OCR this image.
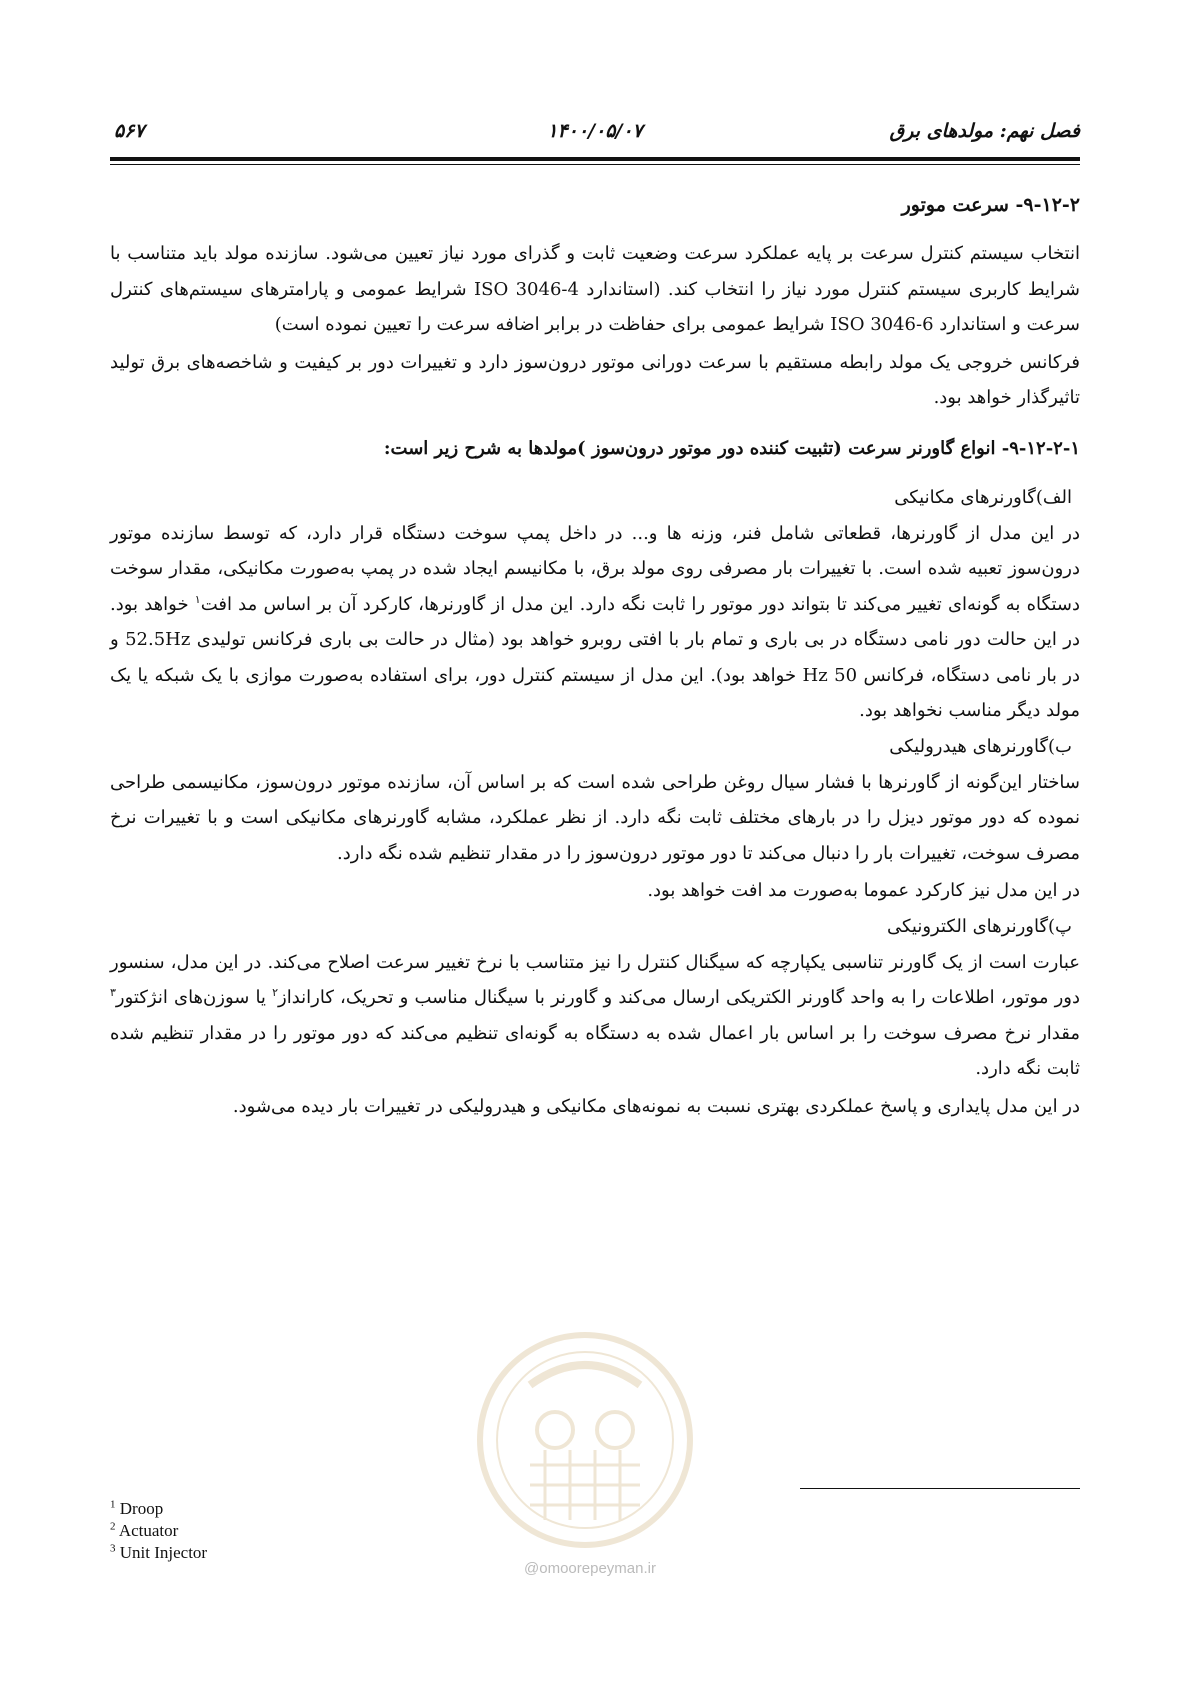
فصل نهم: مولدهای برق
۱۴۰۰/۰۵/۰۷
۵۶۷
۹-۱۲-۲- سرعت موتور

انتخاب سیستم کنترل سرعت بر پایه عملکرد سرعت وضعیت ثابت و گذرای مورد نیاز تعیین می‌شود. سازنده مولد باید متناسب با شرایط کاربری سیستم کنترل مورد نیاز را انتخاب کند. (استاندارد ISO 3046-4 شرایط عمومی و پارامترهای سیستم‌های کنترل سرعت و استاندارد ISO 3046-6 شرایط عمومی برای حفاظت در برابر اضافه سرعت را تعیین نموده است)

فرکانس خروجی یک مولد رابطه مستقیم با سرعت دورانی موتور درون‌سوز دارد و تغییرات دور بر کیفیت و شاخصه‌های برق تولید تاثیرگذار خواهد بود.

۹-۱۲-۲-۱- انواع گاورنر سرعت (تثبیت کننده دور موتور درون‌سوز )مولدها به شرح زیر است:
الف)گاورنرهای مکانیکی

در این مدل از گاورنرها، قطعاتی شامل فنر، وزنه ها و... در داخل پمپ سوخت دستگاه قرار دارد، که توسط سازنده موتور درون‌سوز تعبیه شده است. با تغییرات بار مصرفی روی مولد برق، با مکانیسم ایجاد شده در پمپ به‌صورت مکانیکی، مقدار سوخت دستگاه به گونه‌ای تغییر می‌کند تا بتواند دور موتور را ثابت نگه دارد. این مدل از گاورنرها، کارکرد آن بر اساس مد افت$^۱$ خواهد بود. در این حالت دور نامی دستگاه در بی باری و تمام بار با افتی روبرو خواهد بود (مثال در حالت بی باری فرکانس تولیدی 52.5Hz و در بار نامی دستگاه، فرکانس 50 Hz خواهد بود). این مدل از سیستم کنترل دور، برای استفاده به‌صورت موازی با یک شبکه یا یک مولد دیگر مناسب نخواهد بود.

ب)گاورنرهای هیدرولیکی

ساختار این‌گونه از گاورنرها با فشار سیال روغن طراحی شده است که بر اساس آن، سازنده موتور درون‌سوز، مکانیسمی طراحی نموده که دور موتور دیزل را در بارهای مختلف ثابت نگه دارد. از نظر عملکرد، مشابه گاورنرهای مکانیکی است و با تغییرات نرخ مصرف سوخت، تغییرات بار را دنبال می‌کند تا دور موتور درون‌سوز را در مقدار تنظیم شده نگه دارد.

در این مدل نیز کارکرد عموما به‌صورت مد افت خواهد بود.

پ)گاورنرهای الکترونیکی

عبارت است از یک گاورنر تناسبی یکپارچه که سیگنال کنترل را نیز متناسب با نرخ تغییر سرعت اصلاح می‌کند. در این مدل، سنسور دور موتور، اطلاعات را به واحد گاورنر الکتریکی ارسال می‌کند و گاورنر با سیگنال مناسب و تحریک، کارانداز$^۲$ یا سوزن‌های انژکتور$^۳$ مقدار نرخ مصرف سوخت را بر اساس بار اعمال شده به دستگاه به گونه‌ای تنظیم می‌کند که دور موتور را در مقدار تنظیم شده ثابت نگه دارد.

در این مدل پایداری و پاسخ عملکردی بهتری نسبت به نمونه‌های مکانیکی و هیدرولیکی در تغییرات بار دیده می‌شود.

$^1$ Droop
$^2$ Actuator
$^3$ Unit Injector
@omoorepeyman.ir
